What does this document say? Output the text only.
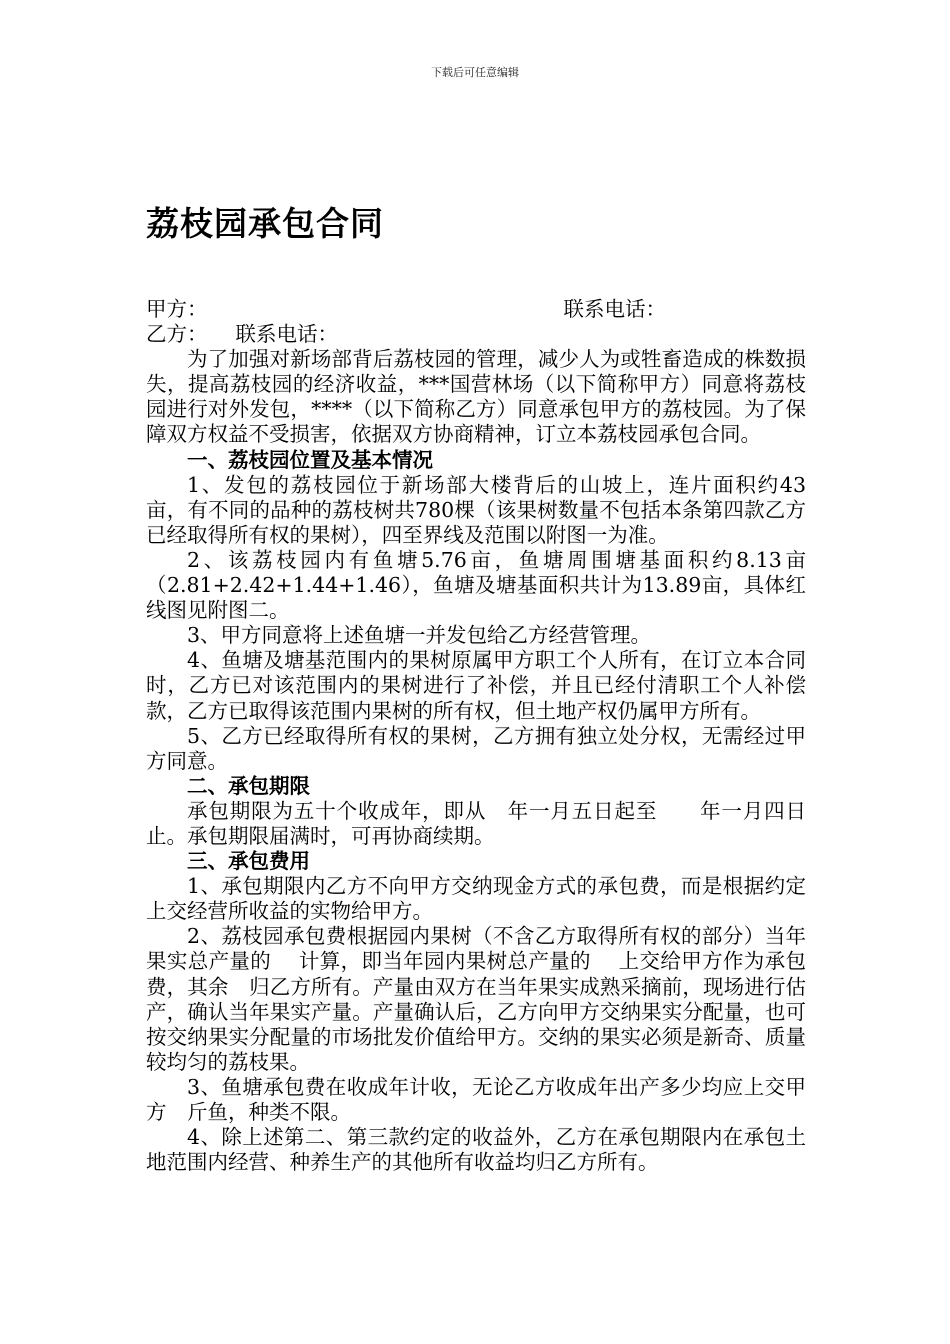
下载后可任意编辑
荔枝园承包合同

甲方：	联系电话：

乙方： 联系电话：

为了加强对新场部背后荔枝园的管理，减少人为或牲畜造成的株数损失，提高荔枝园的经济收益，***国营林场（以下简称甲方）同意将荔枝园进行对外发包，****（以下简称乙方）同意承包甲方的荔枝园。为了保障双方权益不受损害，依据双方协商精神，订立本荔枝园承包合同。

一、荔枝园位置及基本情况

1、发包的荔枝园位于新场部大楼背后的山坡上，连片面积约43 亩，有不同的品种的荔枝树共780棵（该果树数量不包括本条第四款乙方已经取得所有权的果树），四至界线及范围以附图一为准。

2、该荔枝园内有鱼塘5.76亩，鱼塘周围塘基面积约8.13亩（2.81+2.42+1.44+1.46），鱼塘及塘基面积共计为13.89亩，具体红线图见附图二。

3、甲方同意将上述鱼塘一并发包给乙方经营管理。

4、鱼塘及塘基范围内的果树原属甲方职工个人所有，在订立本合同时，乙方已对该范围内的果树进行了补偿，并且已经付清职工个人补偿款，乙方已取得该范围内果树的所有权，但土地产权仍属甲方所有。

5、乙方已经取得所有权的果树，乙方拥有独立处分权，无需经过甲方同意。

二、承包期限

承包期限为五十个收成年，即从　年一月五日起至　　年一月四日止。承包期限届满时，可再协商续期。

三、承包费用

1、承包期限内乙方不向甲方交纳现金方式的承包费，而是根据约定上交经营所收益的实物给甲方。

2、荔枝园承包费根据园内果树（不含乙方取得所有权的部分）当年果实总产量的　 计算，即当年园内果树总产量的　 上交给甲方作为承包费，其余　归乙方所有。产量由双方在当年果实成熟采摘前，现场进行估产，确认当年果实产量。产量确认后，乙方向甲方交纳果实分配量，也可按交纳果实分配量的市场批发价值给甲方。交纳的果实必须是新奇、质量较均匀的荔枝果。

3、鱼塘承包费在收成年计收，无论乙方收成年出产多少均应上交甲方　斤鱼，种类不限。

4、除上述第二、第三款约定的收益外，乙方在承包期限内在承包土地范围内经营、种养生产的其他所有收益均归乙方所有。
